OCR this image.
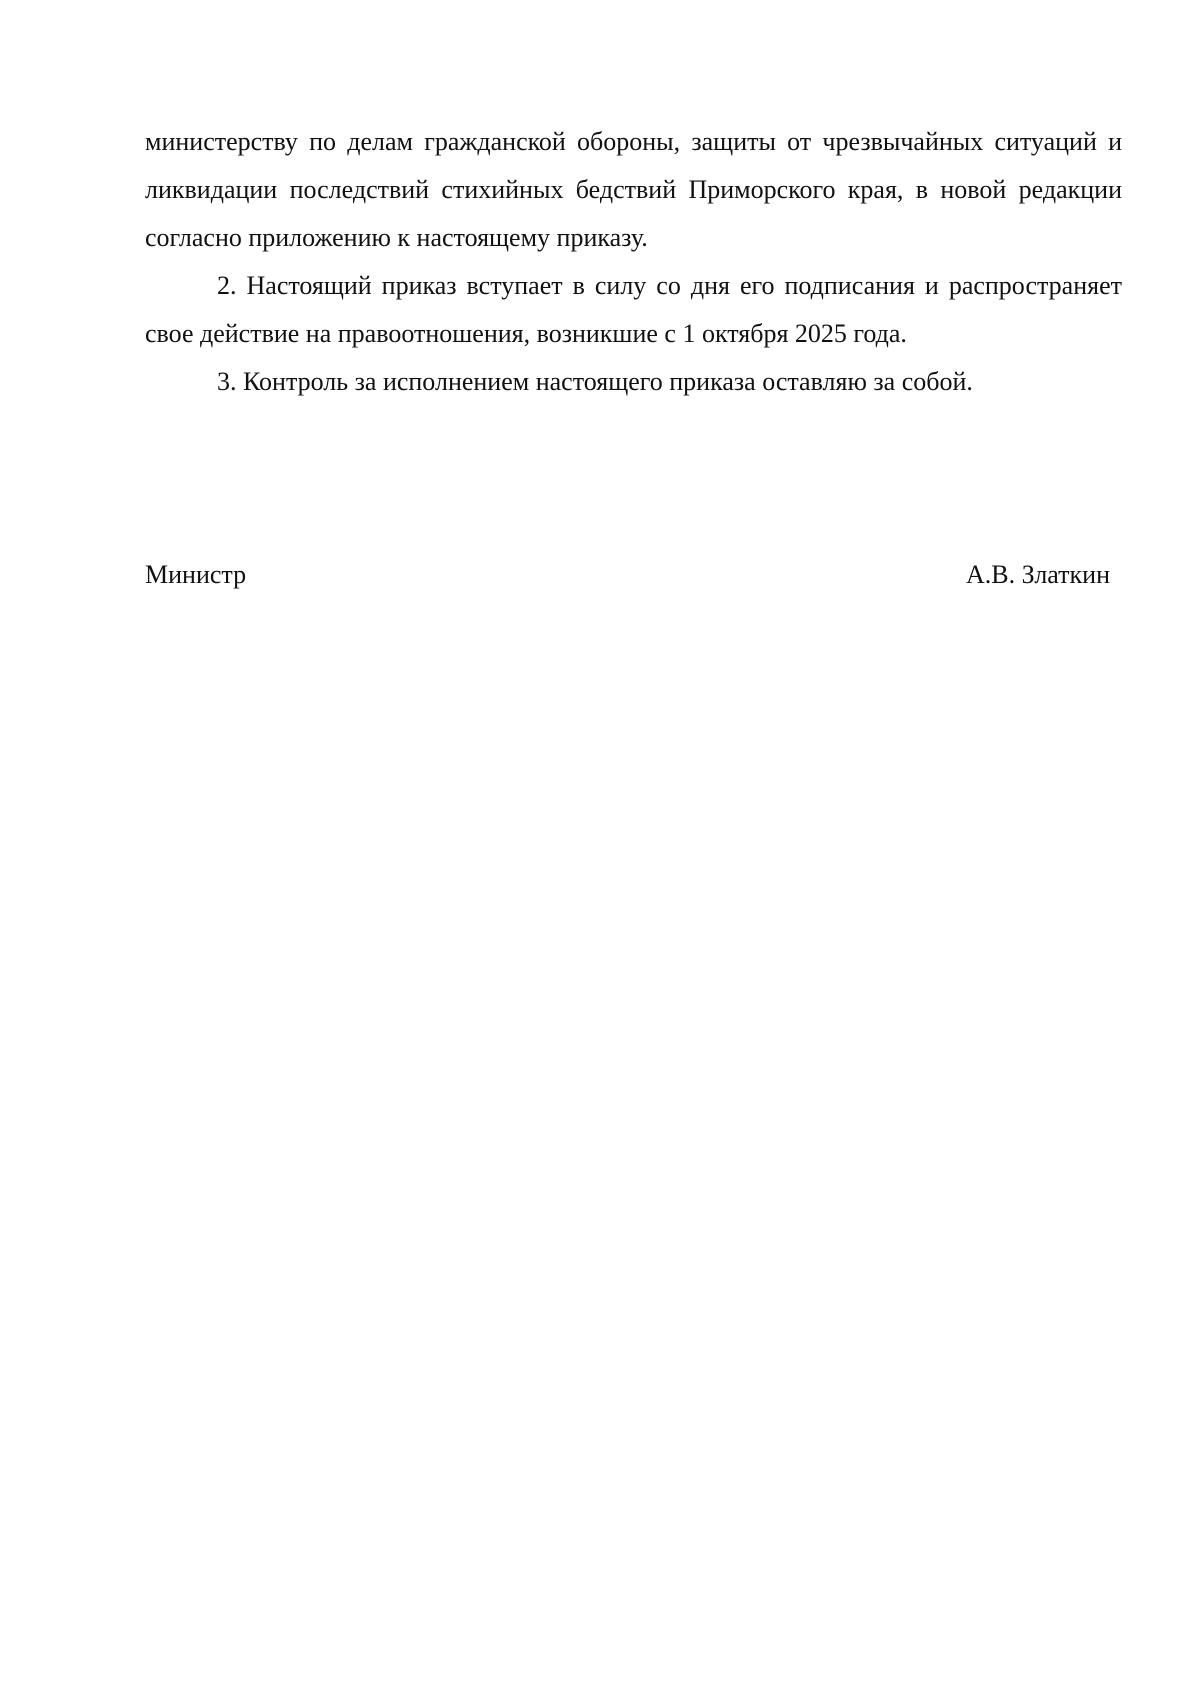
министерству по делам гражданской обороны, защиты от чрезвычайных ситуаций и ликвидации последствий стихийных бедствий Приморского края, в новой редакции согласно приложению к настоящему приказу.

2. Настоящий приказ вступает в силу со дня его подписания и распространяет свое действие на правоотношения, возникшие с 1 октября 2025 года.

3. Контроль за исполнением настоящего приказа оставляю за собой.

Министр	А.В. Златкин
